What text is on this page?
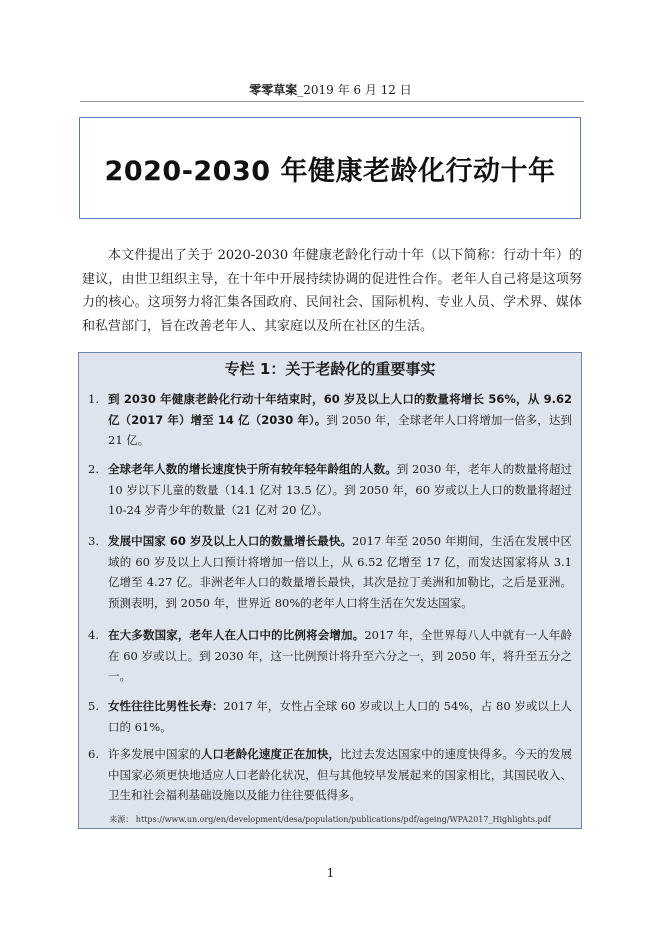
零零草案_2019 年 6 月 12 日
2020-2030 年健康老龄化行动十年

本文件提出了关于 2020-2030 年健康老龄化行动十年（以下简称：行动十年）的建议，由世卫组织主导，在十年中开展持续协调的促进性合作。老年人自己将是这项努力的核心。这项努力将汇集各国政府、民间社会、国际机构、专业人员、学术界、媒体和私营部门，旨在改善老年人、其家庭以及所在社区的生活。

专栏 1：关于老龄化的重要事实
1. 到 2030 年健康老龄化行动十年结束时，60 岁及以上人口的数量将增长 56%，从 9.62 亿（2017 年）增至 14 亿（2030 年）。到 2050 年，全球老年人口将增加一倍多，达到 21 亿。
2. 全球老年人数的增长速度快于所有较年轻年龄组的人数。到 2030 年，老年人的数量将超过 10 岁以下儿童的数量（14.1 亿对 13.5 亿）。到 2050 年，60 岁或以上人口的数量将超过 10-24 岁青少年的数量（21 亿对 20 亿）。
3. 发展中国家 60 岁及以上人口的数量增长最快。2017 年至 2050 年期间，生活在发展中区域的 60 岁及以上人口预计将增加一倍以上，从 6.52 亿增至 17 亿，而发达国家将从 3.1 亿增至 4.27 亿。非洲老年人口的数量增长最快，其次是拉丁美洲和加勒比，之后是亚洲。预测表明，到 2050 年，世界近 80%的老年人口将生活在欠发达国家。
4. 在大多数国家，老年人在人口中的比例将会增加。2017 年，全世界每八人中就有一人年龄在 60 岁或以上。到 2030 年，这一比例预计将升至六分之一，到 2050 年，将升至五分之一。
5. 女性往往比男性长寿：2017 年，女性占全球 60 岁或以上人口的 54%，占 80 岁或以上人口的 61%。
6. 许多发展中国家的人口老龄化速度正在加快，比过去发达国家中的速度快得多。今天的发展中国家必须更快地适应人口老龄化状况，但与其他较早发展起来的国家相比，其国民收入、卫生和社会福利基础设施以及能力往往要低得多。
来源： https://www.un.org/en/development/desa/population/publications/pdf/ageing/WPA2017_Highlights.pdf
1
